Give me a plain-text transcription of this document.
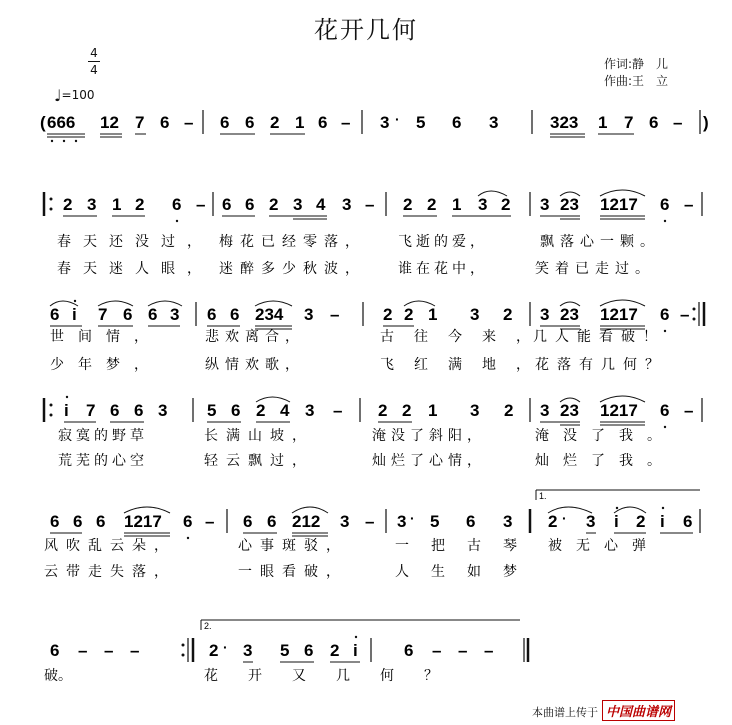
花开几何
作词:静　儿
作曲:王　立
4
4
♩=100
( 666 12 7 6 – 6 6 2 1 6 – 3 · 5 6 3	323 1 7 6 – )
2 3 1 2 6 – 6 6 2 3 4 3 – 2 2 1 3 2 3 23 1217 6 –
春天还没过， 梅花已经零落， 飞逝的爱，	飘落心一颗。
春天迷人眼， 迷醉多少秋波， 谁在花中，	笑着已走过。
6 i 7 6 6 3 6 6 234 3 –	2 2 1 3 2 3 23 1217 6 –
世间情，	悲欢离合，	古往今来，
几人能看破！
少年梦，	纵情欢歌，	飞红满地，
花落有几何？
i 7 6 6 3 5 6 2 4 3 – 2 2 1 3 2 3 23 1217 6 –
寂寞的野草	长满山坡，	淹没了斜阳，	淹没了我。
荒芜的心空	轻云飘过，	灿烂了心情，	灿烂了我。
6 6 6 1217 6 – 6 6 212 3 – 3 · 5 6 3 2 · 3 i 2 i 6
1.
风吹乱云朵，	心事斑驳，	一把古琴 被无心弹
云带走失落，	一眼看破，	人生如梦
6 – – –
2.
2 · 3 5 6 2 i	6 – – –
破。	花开又几何？
本曲谱上传于 中国曲谱网
